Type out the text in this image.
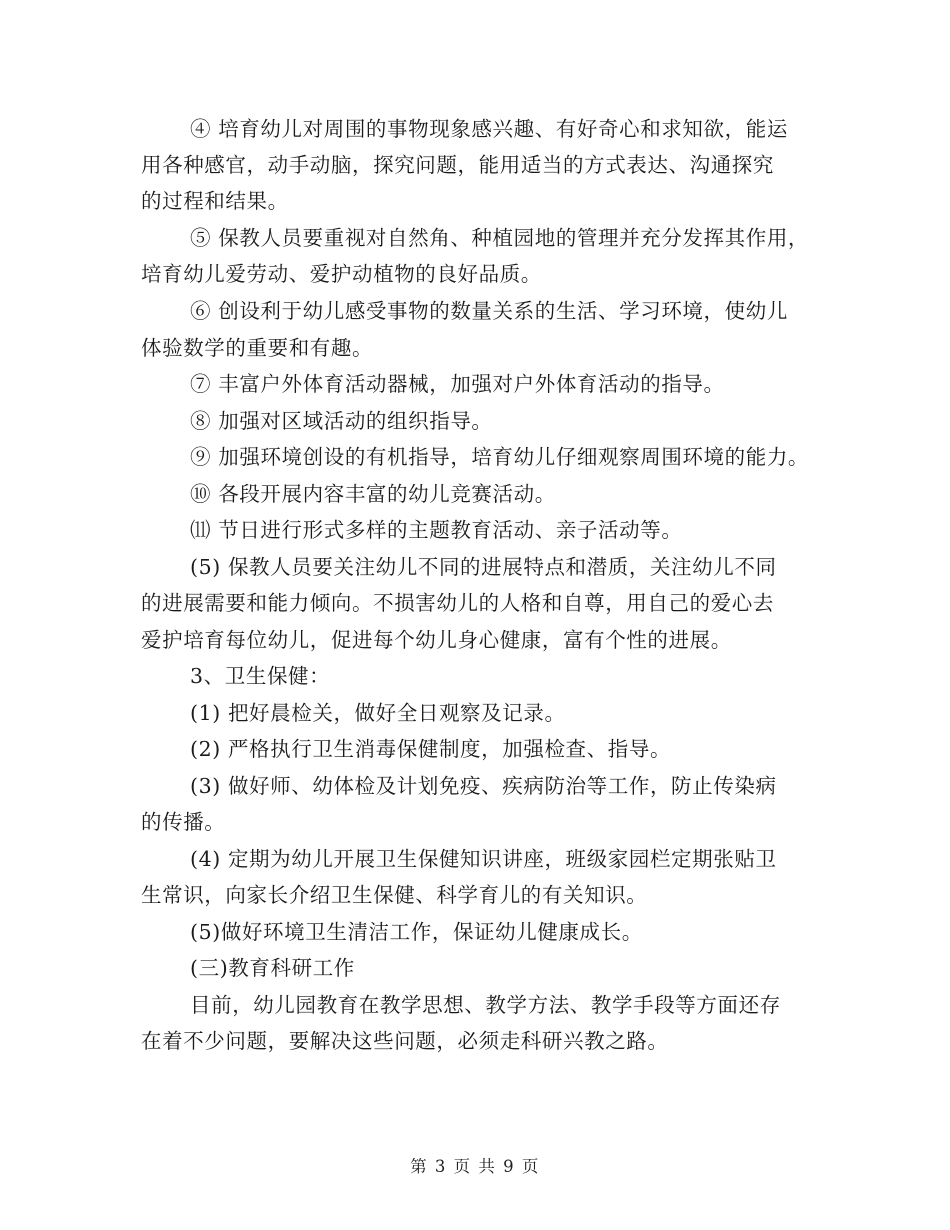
④ 培育幼儿对周围的事物现象感兴趣、有好奇心和求知欲，能运
用各种感官，动手动脑，探究问题，能用适当的方式表达、沟通探究
的过程和结果。
⑤ 保教人员要重视对自然角、种植园地的管理并充分发挥其作用，
培育幼儿爱劳动、爱护动植物的良好品质。
⑥ 创设利于幼儿感受事物的数量关系的生活、学习环境，使幼儿
体验数学的重要和有趣。
⑦ 丰富户外体育活动器械，加强对户外体育活动的指导。
⑧ 加强对区域活动的组织指导。
⑨ 加强环境创设的有机指导，培育幼儿仔细观察周围环境的能力。
⑩ 各段开展内容丰富的幼儿竞赛活动。
⑾ 节日进行形式多样的主题教育活动、亲子活动等。
(5) 保教人员要关注幼儿不同的进展特点和潜质，关注幼儿不同
的进展需要和能力倾向。不损害幼儿的人格和自尊，用自己的爱心去
爱护培育每位幼儿，促进每个幼儿身心健康，富有个性的进展。
3、卫生保健：
(1) 把好晨检关，做好全日观察及记录。
(2) 严格执行卫生消毒保健制度，加强检查、指导。
(3) 做好师、幼体检及计划免疫、疾病防治等工作，防止传染病
的传播。
(4) 定期为幼儿开展卫生保健知识讲座，班级家园栏定期张贴卫
生常识，向家长介绍卫生保健、科学育儿的有关知识。
(5)做好环境卫生清洁工作，保证幼儿健康成长。
(三)教育科研工作
目前，幼儿园教育在教学思想、教学方法、教学手段等方面还存
在着不少问题，要解决这些问题，必须走科研兴教之路。
第 3 页 共 9 页
